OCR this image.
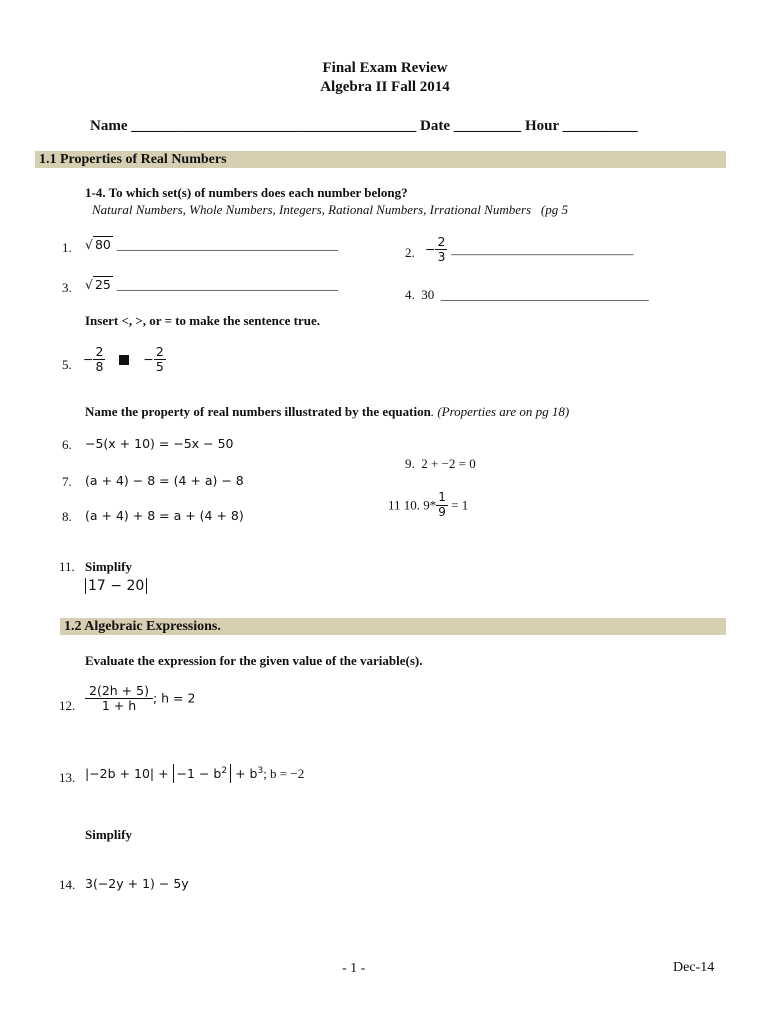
Final Exam Review
Algebra II Fall 2014
Name ______________________________________ Date _________ Hour __________
1.1 Properties of Real Numbers
1-4. To which set(s) of numbers does each number belong?
Natural Numbers, Whole Numbers, Integers, Rational Numbers, Irrational Numbers (pg 5
1. √ 80 __________________________________
2. − $\frac{2}{3}$ ____________________________
3. √ 25 __________________________________
4. 30 ________________________________
Insert <, >, or = to make the sentence true.
5. − $\frac{2}{8}$	− $\frac{2}{5}$
Name the property of real numbers illustrated by the equation. (Properties are on pg 18)
6. −5(x + 10) = −5x − 50
7. (a + 4) − 8 = (4 + a) − 8
8. (a + 4) + 8 = a + (4 + 8)
9. 2 + −2 = 0
11 10. $9* \frac{1}{9} = 1$
11. Simplify
17 − 20
1.2 Algebraic Expressions.
Evaluate the expression for the given value of the variable(s).
12. $\frac{2(2h + 5)}{1 + h}$ ; h = 2
13. $|-2b + 10| + -1 - b^2 + b^3$; b = −2
Simplify
14. 3(−2y + 1) − 5y
- 1 -	Dec-14
